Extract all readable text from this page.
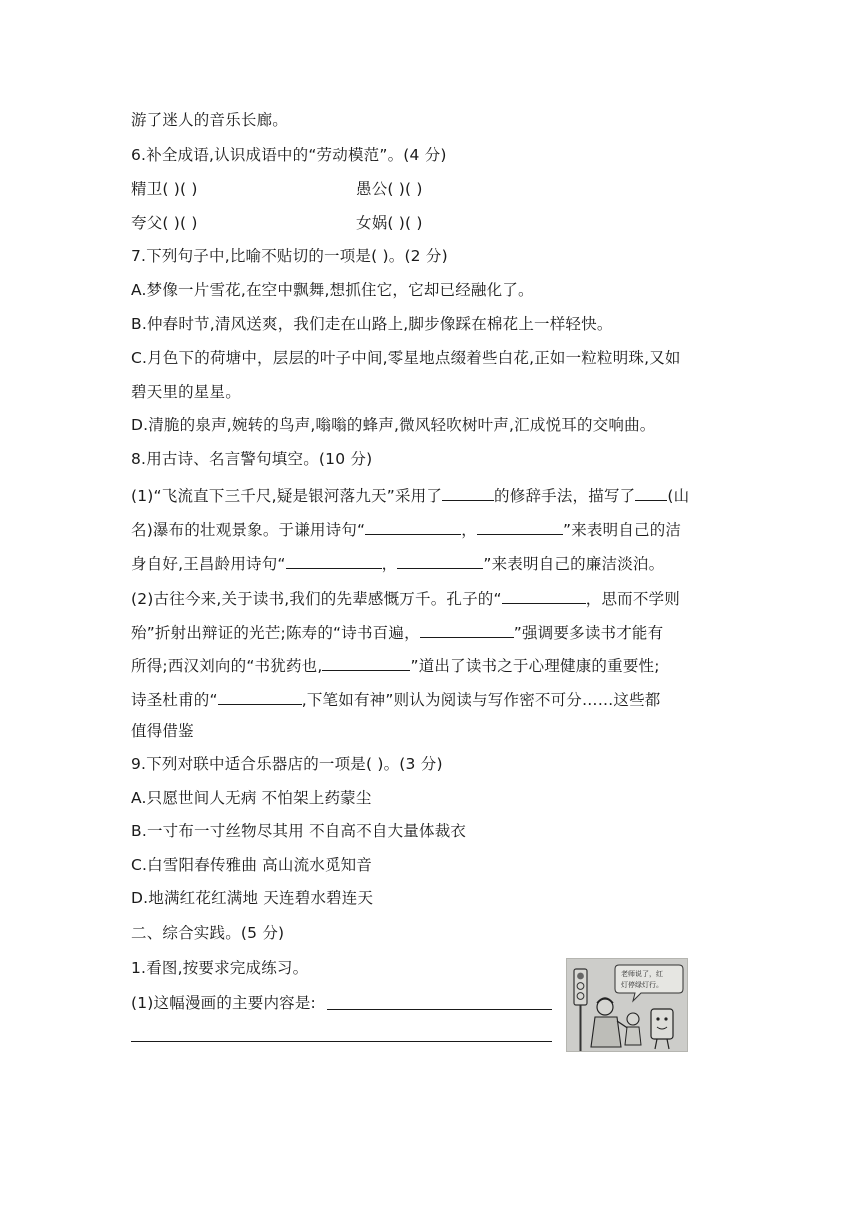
游了迷人的音乐长廊。
6.补全成语,认识成语中的“劳动模范”。(4 分)
精卫( )( )	愚公( )( )
夸父( )( )	女娲( )( )
7.下列句子中,比喻不贴切的一项是( )。(2 分)
A.梦像一片雪花,在空中飘舞,想抓住它，它却已经融化了。
B.仲春时节,清风送爽，我们走在山路上,脚步像踩在棉花上一样轻快。
C.月色下的荷塘中，层层的叶子中间,零星地点缀着些白花,正如一粒粒明珠,又如
碧天里的星星。
D.清脆的泉声,婉转的鸟声,嗡嗡的蜂声,微风轻吹树叶声,汇成悦耳的交响曲。
8.用古诗、名言警句填空。(10 分)
(1)“飞流直下三千尺,疑是银河落九天”采用了	的修辞手法，描写了 (山
名)瀑布的壮观景象。于谦用诗句“	，	”来表明自己的洁
身自好,王昌龄用诗句“	，	”来表明自己的廉洁淡泊。
(2)古往今来,关于读书,我们的先辈感慨万千。孔子的“	，思而不学则
殆”折射出辩证的光芒;陈寿的“诗书百遍，	”强调要多读书才能有
所得;西汉刘向的“书犹药也,	”道出了读书之于心理健康的重要性;
诗圣杜甫的“	,下笔如有神”则认为阅读与写作密不可分……这些都
值得借鉴
9.下列对联中适合乐器店的一项是( )。(3 分)
A.只愿世间人无病 不怕架上药蒙尘
B.一寸布一寸丝物尽其用 不自高不自大量体裁衣
C.白雪阳春传雅曲 高山流水觅知音
D.地满红花红满地 天连碧水碧连天
二、综合实践。(5 分)
1.看图,按要求完成练习。
(1)这幅漫画的主要内容是:
老师说了，红
灯停绿灯行。
